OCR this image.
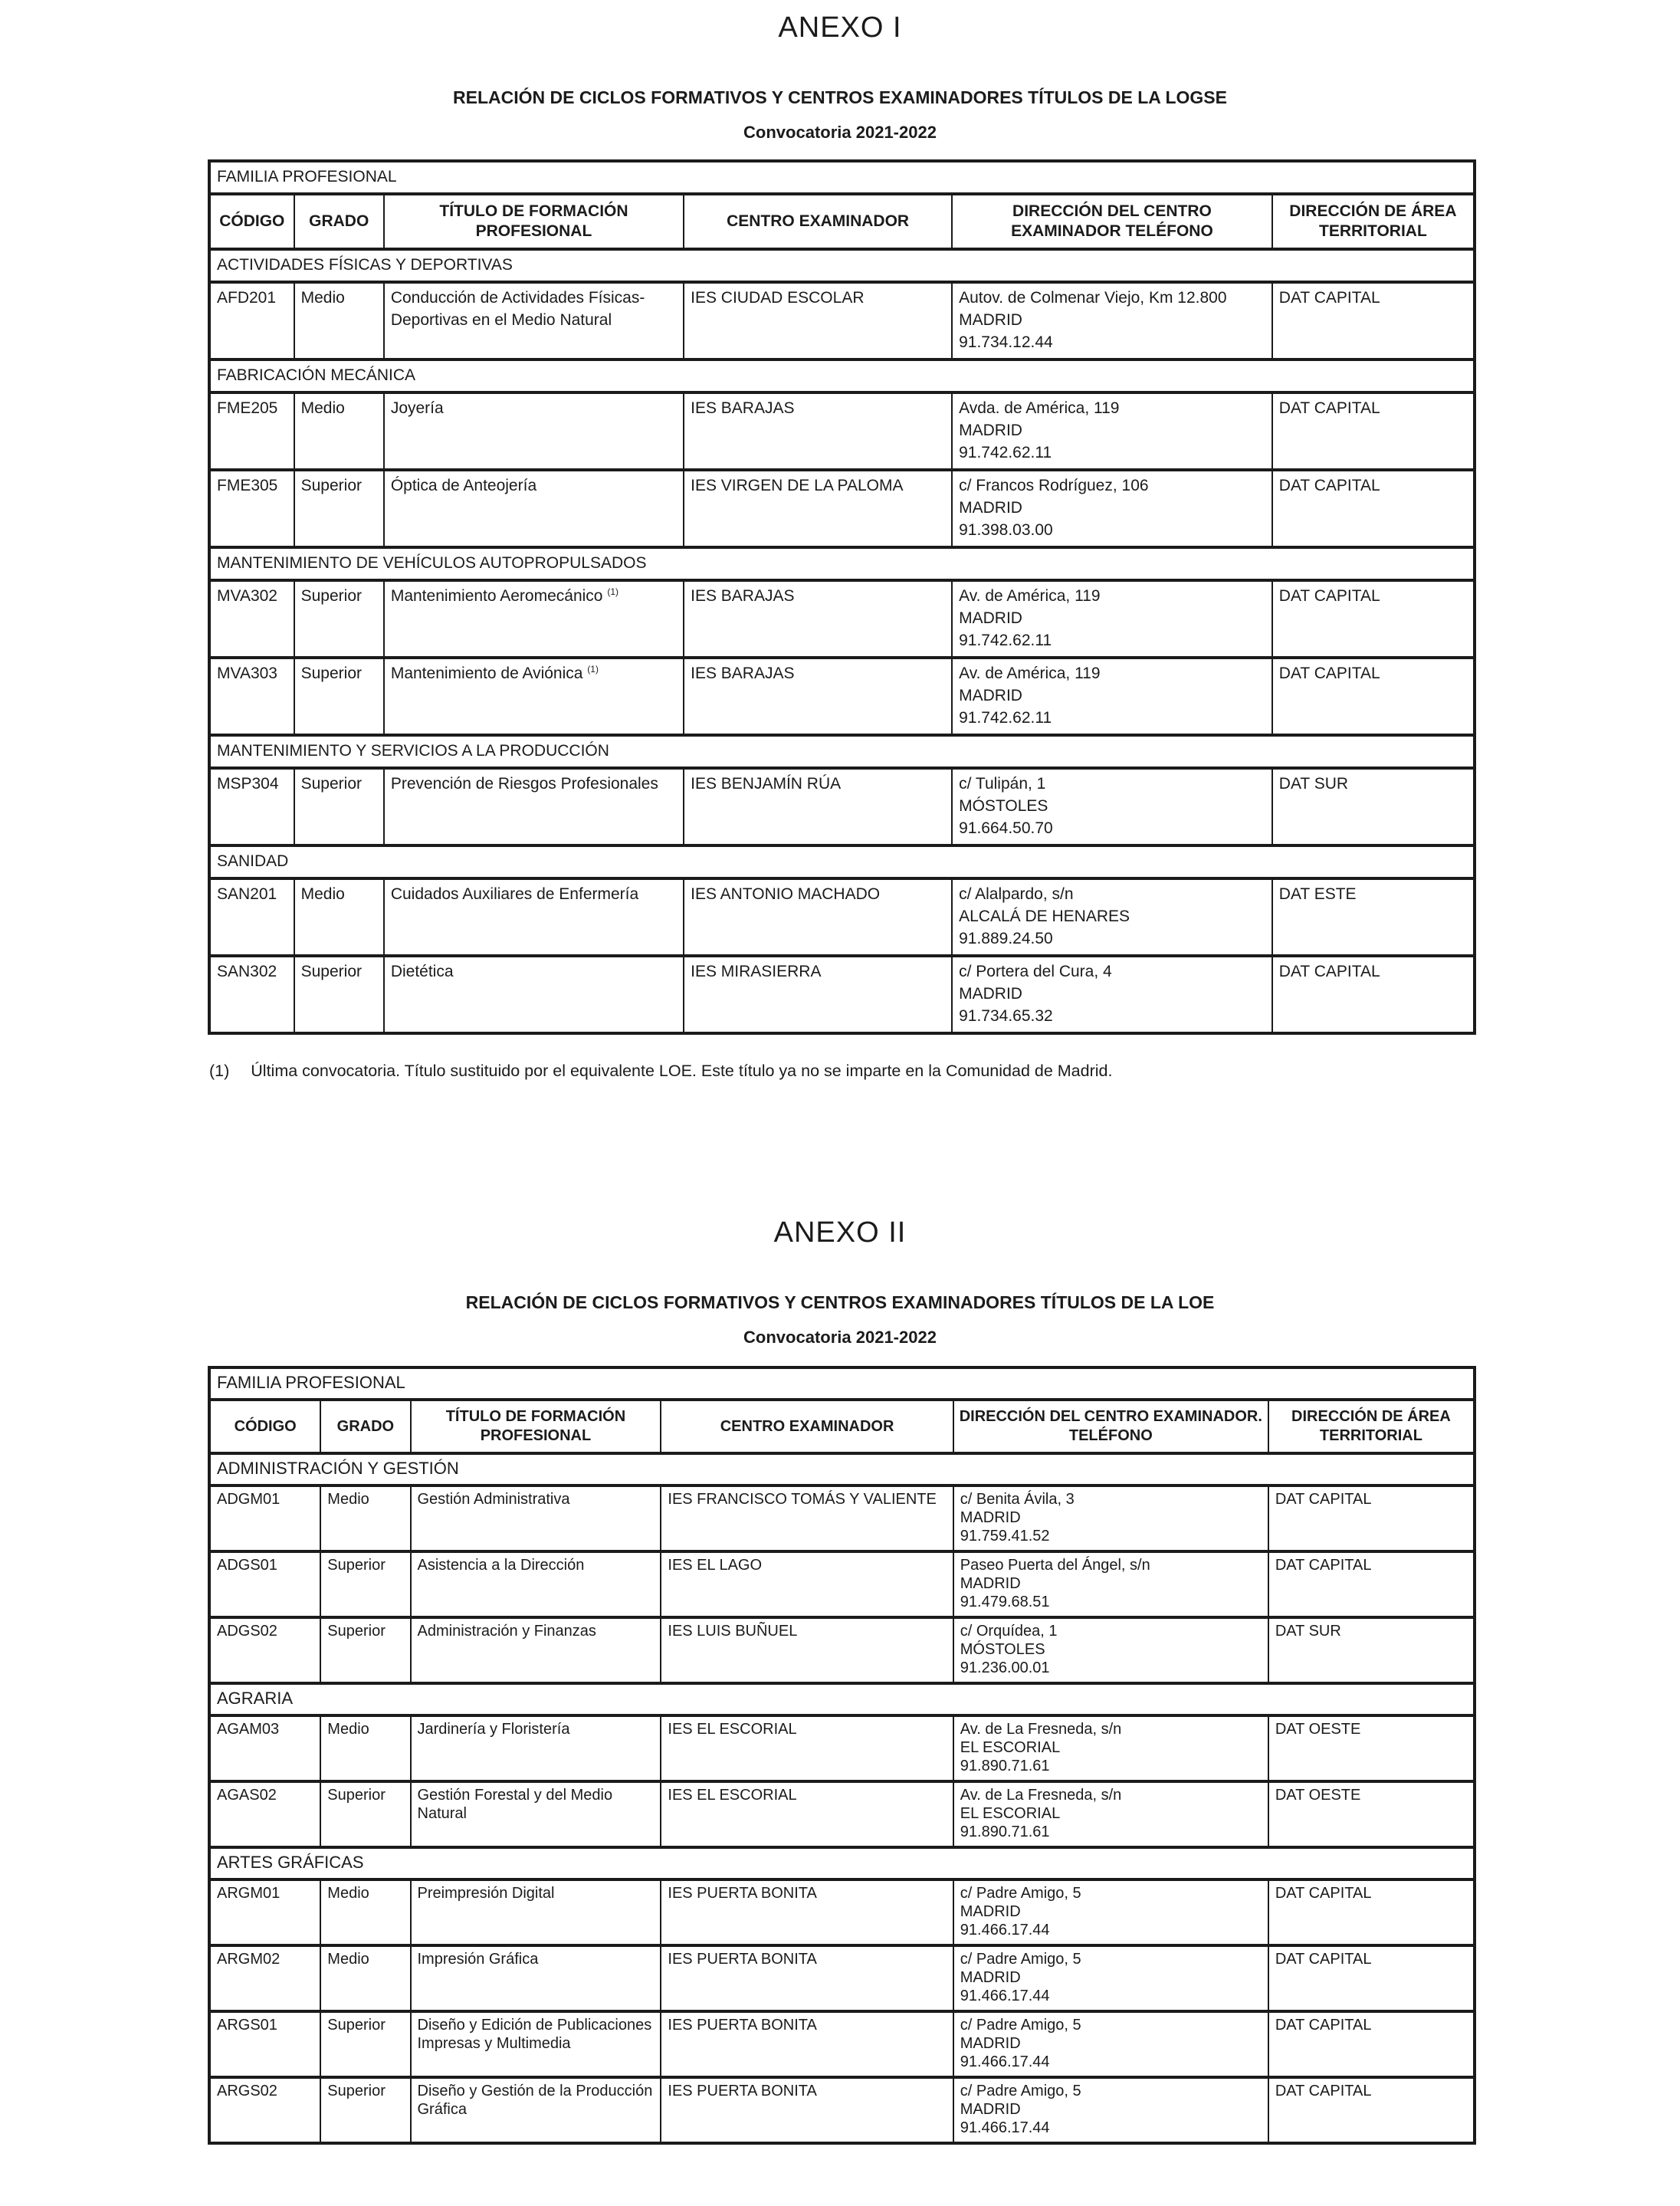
ANEXO I
RELACIÓN DE CICLOS FORMATIVOS Y CENTROS EXAMINADORES TÍTULOS DE LA LOGSE
Convocatoria 2021-2022
FAMILIA PROFESIONAL					
CÓDIGO	GRADO	TÍTULO DE FORMACIÓN PROFESIONAL	CENTRO EXAMINADOR	DIRECCIÓN DEL CENTRO EXAMINADOR TELÉFONO	DIRECCIÓN DE ÁREA TERRITORIAL
ACTIVIDADES FÍSICAS Y DEPORTIVAS					
AFD201	Medio	Conducción de Actividades Físicas-Deportivas en el Medio Natural	IES CIUDAD ESCOLAR	Autov. de Colmenar Viejo, Km 12.800
MADRID
91.734.12.44	DAT CAPITAL
FABRICACIÓN MECÁNICA					
FME205	Medio	Joyería	IES BARAJAS	Avda. de América, 119
MADRID
91.742.62.11	DAT CAPITAL
FME305	Superior	Óptica de Anteojería	IES VIRGEN DE LA PALOMA	c/ Francos Rodríguez, 106
MADRID
91.398.03.00	DAT CAPITAL
MANTENIMIENTO DE VEHÍCULOS AUTOPROPULSADOS					
MVA302	Superior	Mantenimiento Aeromecánico $^{(1)}$	IES BARAJAS	Av. de América, 119
MADRID
91.742.62.11	DAT CAPITAL
MVA303	Superior	Mantenimiento de Aviónica $^{(1)}$	IES BARAJAS	Av. de América, 119
MADRID
91.742.62.11	DAT CAPITAL
MANTENIMIENTO Y SERVICIOS A LA PRODUCCIÓN					
MSP304	Superior	Prevención de Riesgos Profesionales	IES BENJAMÍN RÚA	c/ Tulipán, 1
MÓSTOLES
91.664.50.70	DAT SUR
SANIDAD					
SAN201	Medio	Cuidados Auxiliares de Enfermería	IES ANTONIO MACHADO	c/ Alalpardo, s/n
ALCALÁ DE HENARES
91.889.24.50	DAT ESTE
SAN302	Superior	Dietética	IES MIRASIERRA	c/ Portera del Cura, 4
MADRID
91.734.65.32	DAT CAPITAL

(1) Última convocatoria. Título sustituido por el equivalente LOE. Este título ya no se imparte en la Comunidad de Madrid.

ANEXO II
RELACIÓN DE CICLOS FORMATIVOS Y CENTROS EXAMINADORES TÍTULOS DE LA LOE
Convocatoria 2021-2022
FAMILIA PROFESIONAL					
CÓDIGO	GRADO	TÍTULO DE FORMACIÓN PROFESIONAL	CENTRO EXAMINADOR	DIRECCIÓN DEL CENTRO EXAMINADOR. TELÉFONO	DIRECCIÓN DE ÁREA TERRITORIAL
ADMINISTRACIÓN Y GESTIÓN					
ADGM01	Medio	Gestión Administrativa	IES FRANCISCO TOMÁS Y VALIENTE	c/ Benita Ávila, 3
MADRID
91.759.41.52	DAT CAPITAL
ADGS01	Superior	Asistencia a la Dirección	IES EL LAGO	Paseo Puerta del Ángel, s/n
MADRID
91.479.68.51	DAT CAPITAL
ADGS02	Superior	Administración y Finanzas	IES LUIS BUÑUEL	c/ Orquídea, 1
MÓSTOLES
91.236.00.01	DAT SUR
AGRARIA					
AGAM03	Medio	Jardinería y Floristería	IES EL ESCORIAL	Av. de La Fresneda, s/n
EL ESCORIAL
91.890.71.61	DAT OESTE
AGAS02	Superior	Gestión Forestal y del Medio Natural	IES EL ESCORIAL	Av. de La Fresneda, s/n
EL ESCORIAL
91.890.71.61	DAT OESTE
ARTES GRÁFICAS					
ARGM01	Medio	Preimpresión Digital	IES PUERTA BONITA	c/ Padre Amigo, 5
MADRID
91.466.17.44	DAT CAPITAL
ARGM02	Medio	Impresión Gráfica	IES PUERTA BONITA	c/ Padre Amigo, 5
MADRID
91.466.17.44	DAT CAPITAL
ARGS01	Superior	Diseño y Edición de Publicaciones Impresas y Multimedia	IES PUERTA BONITA	c/ Padre Amigo, 5
MADRID
91.466.17.44	DAT CAPITAL
ARGS02	Superior	Diseño y Gestión de la Producción Gráfica	IES PUERTA BONITA	c/ Padre Amigo, 5
MADRID
91.466.17.44	DAT CAPITAL
